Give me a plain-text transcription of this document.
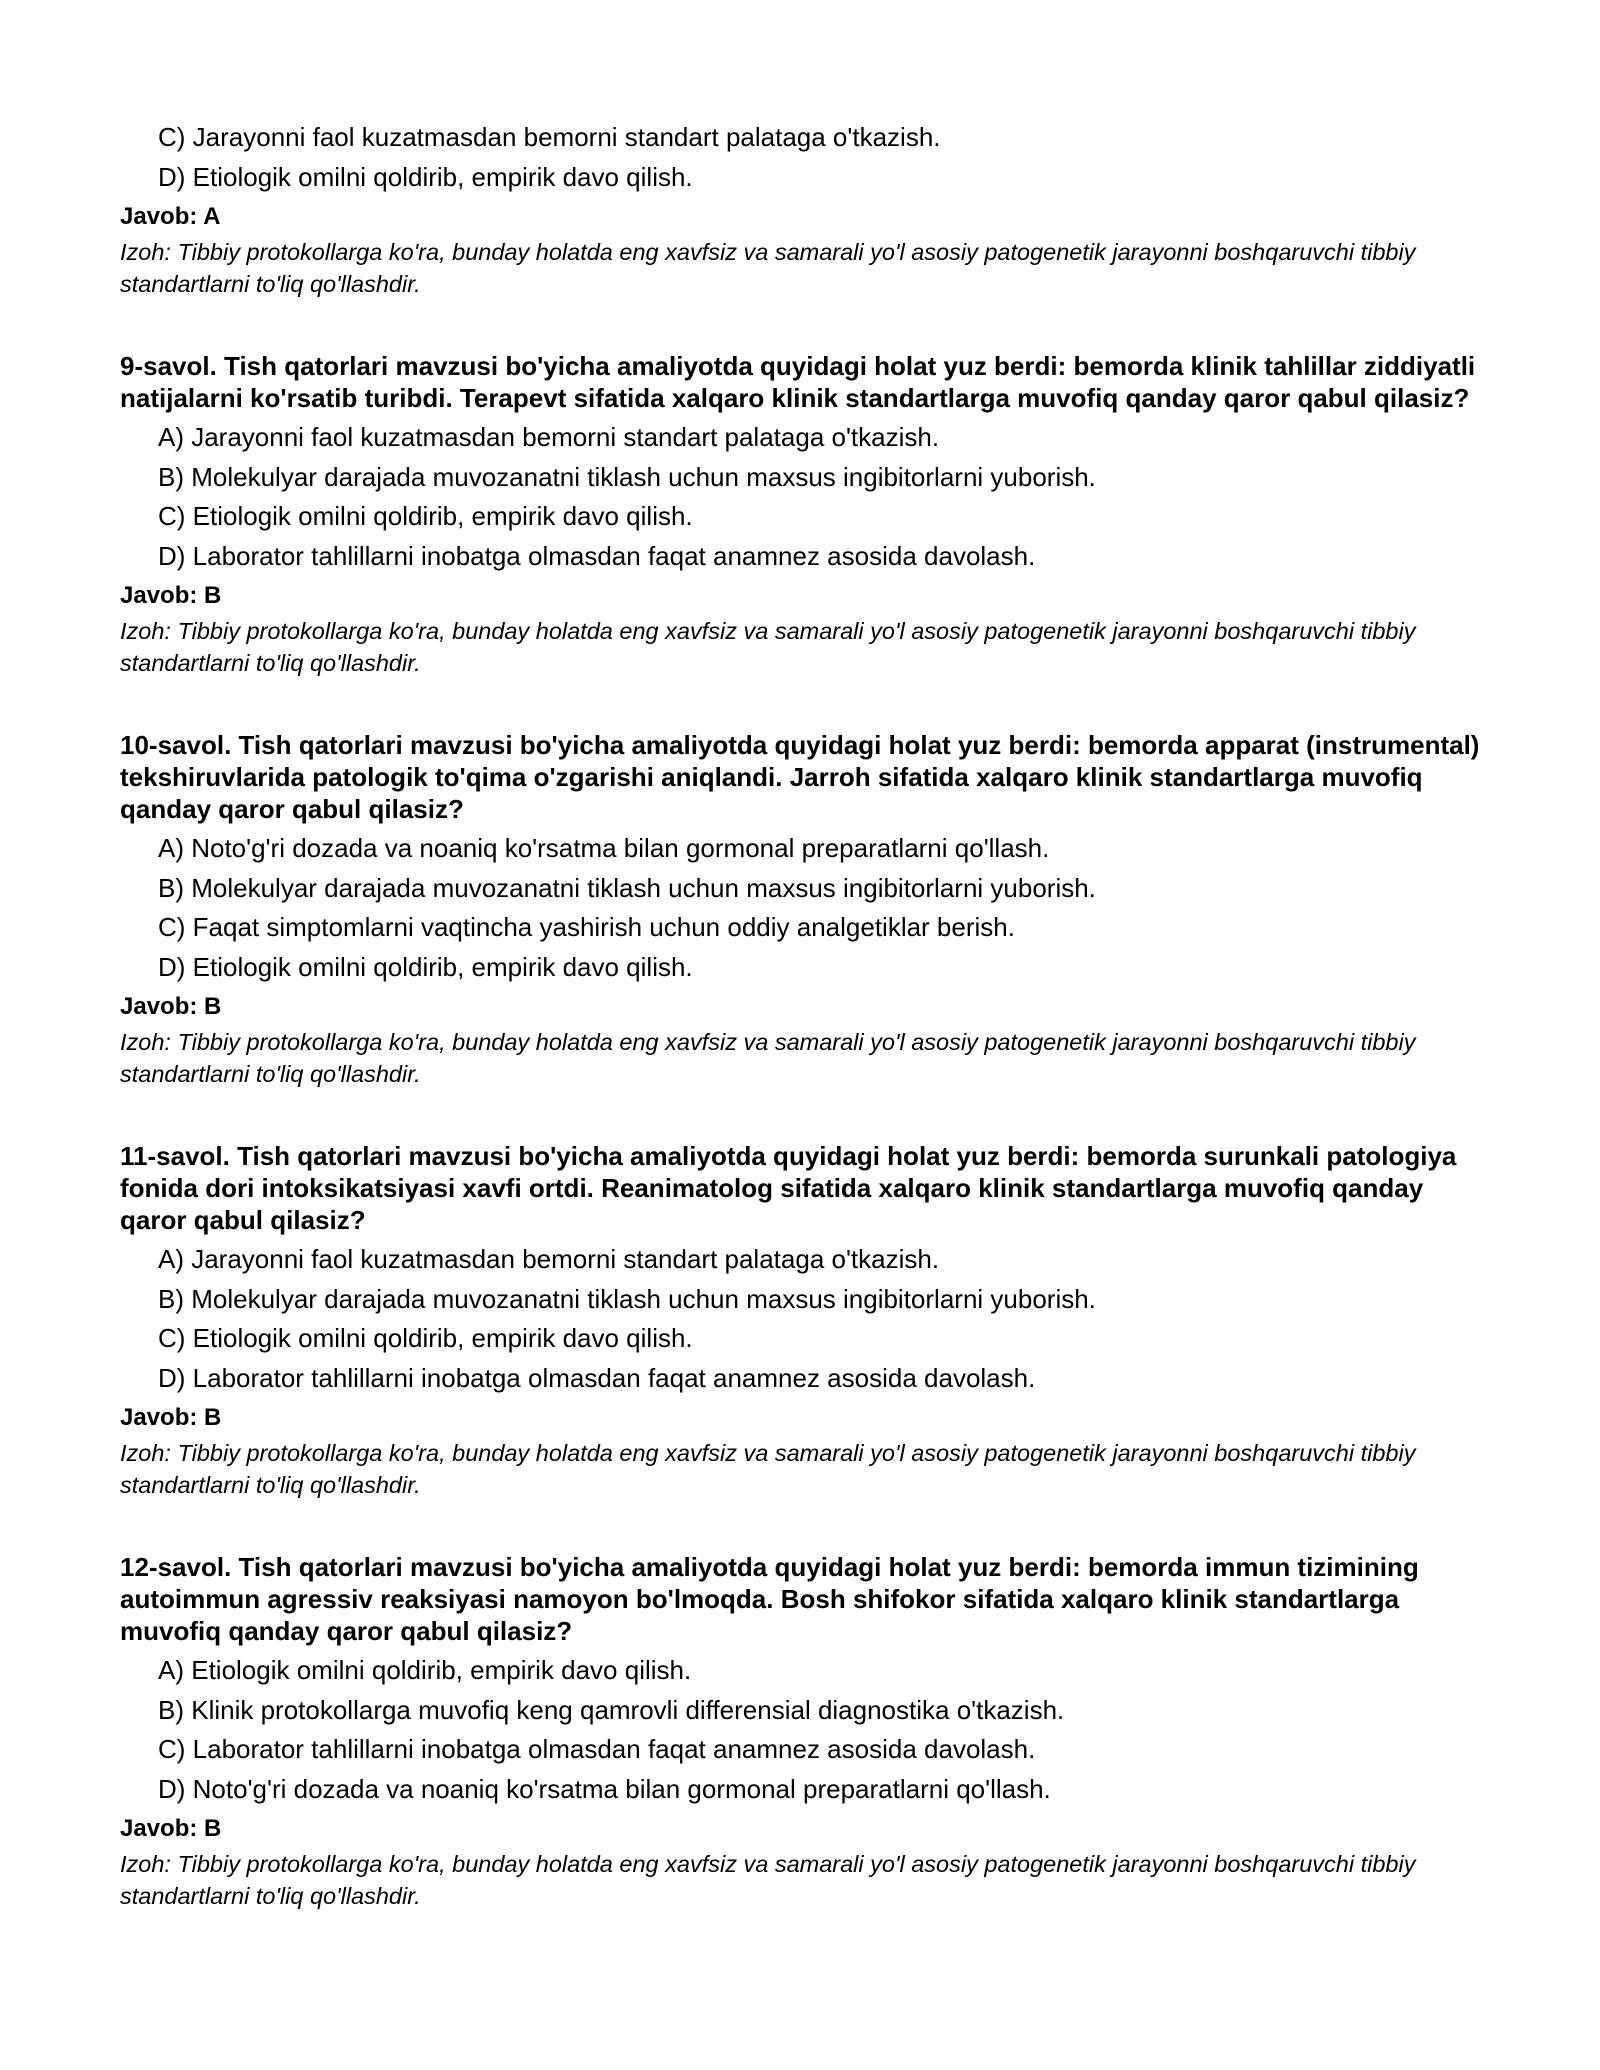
C) Jarayonni faol kuzatmasdan bemorni standart palataga o'tkazish.
D) Etiologik omilni qoldirib, empirik davo qilish.
Javob: A
Izoh: Tibbiy protokollarga ko'ra, bunday holatda eng xavfsiz va samarali yo'l asosiy patogenetik jarayonni boshqaruvchi tibbiy standartlarni to'liq qo'llashdir.
9-savol. Tish qatorlari mavzusi bo'yicha amaliyotda quyidagi holat yuz berdi: bemorda klinik tahlillar ziddiyatli natijalarni ko'rsatib turibdi. Terapevt sifatida xalqaro klinik standartlarga muvofiq qanday qaror qabul qilasiz?
A) Jarayonni faol kuzatmasdan bemorni standart palataga o'tkazish.
B) Molekulyar darajada muvozanatni tiklash uchun maxsus ingibitorlarni yuborish.
C) Etiologik omilni qoldirib, empirik davo qilish.
D) Laborator tahlillarni inobatga olmasdan faqat anamnez asosida davolash.
Javob: B
Izoh: Tibbiy protokollarga ko'ra, bunday holatda eng xavfsiz va samarali yo'l asosiy patogenetik jarayonni boshqaruvchi tibbiy standartlarni to'liq qo'llashdir.
10-savol. Tish qatorlari mavzusi bo'yicha amaliyotda quyidagi holat yuz berdi: bemorda apparat (instrumental) tekshiruvlarida patologik to'qima o'zgarishi aniqlandi. Jarroh sifatida xalqaro klinik standartlarga muvofiq qanday qaror qabul qilasiz?
A) Noto'g'ri dozada va noaniq ko'rsatma bilan gormonal preparatlarni qo'llash.
B) Molekulyar darajada muvozanatni tiklash uchun maxsus ingibitorlarni yuborish.
C) Faqat simptomlarni vaqtincha yashirish uchun oddiy analgetiklar berish.
D) Etiologik omilni qoldirib, empirik davo qilish.
Javob: B
Izoh: Tibbiy protokollarga ko'ra, bunday holatda eng xavfsiz va samarali yo'l asosiy patogenetik jarayonni boshqaruvchi tibbiy standartlarni to'liq qo'llashdir.
11-savol. Tish qatorlari mavzusi bo'yicha amaliyotda quyidagi holat yuz berdi: bemorda surunkali patologiya fonida dori intoksikatsiyasi xavfi ortdi. Reanimatolog sifatida xalqaro klinik standartlarga muvofiq qanday qaror qabul qilasiz?
A) Jarayonni faol kuzatmasdan bemorni standart palataga o'tkazish.
B) Molekulyar darajada muvozanatni tiklash uchun maxsus ingibitorlarni yuborish.
C) Etiologik omilni qoldirib, empirik davo qilish.
D) Laborator tahlillarni inobatga olmasdan faqat anamnez asosida davolash.
Javob: B
Izoh: Tibbiy protokollarga ko'ra, bunday holatda eng xavfsiz va samarali yo'l asosiy patogenetik jarayonni boshqaruvchi tibbiy standartlarni to'liq qo'llashdir.
12-savol. Tish qatorlari mavzusi bo'yicha amaliyotda quyidagi holat yuz berdi: bemorda immun tizimining autoimmun agressiv reaksiyasi namoyon bo'lmoqda. Bosh shifokor sifatida xalqaro klinik standartlarga muvofiq qanday qaror qabul qilasiz?
A) Etiologik omilni qoldirib, empirik davo qilish.
B) Klinik protokollarga muvofiq keng qamrovli differensial diagnostika o'tkazish.
C) Laborator tahlillarni inobatga olmasdan faqat anamnez asosida davolash.
D) Noto'g'ri dozada va noaniq ko'rsatma bilan gormonal preparatlarni qo'llash.
Javob: B
Izoh: Tibbiy protokollarga ko'ra, bunday holatda eng xavfsiz va samarali yo'l asosiy patogenetik jarayonni boshqaruvchi tibbiy standartlarni to'liq qo'llashdir.
